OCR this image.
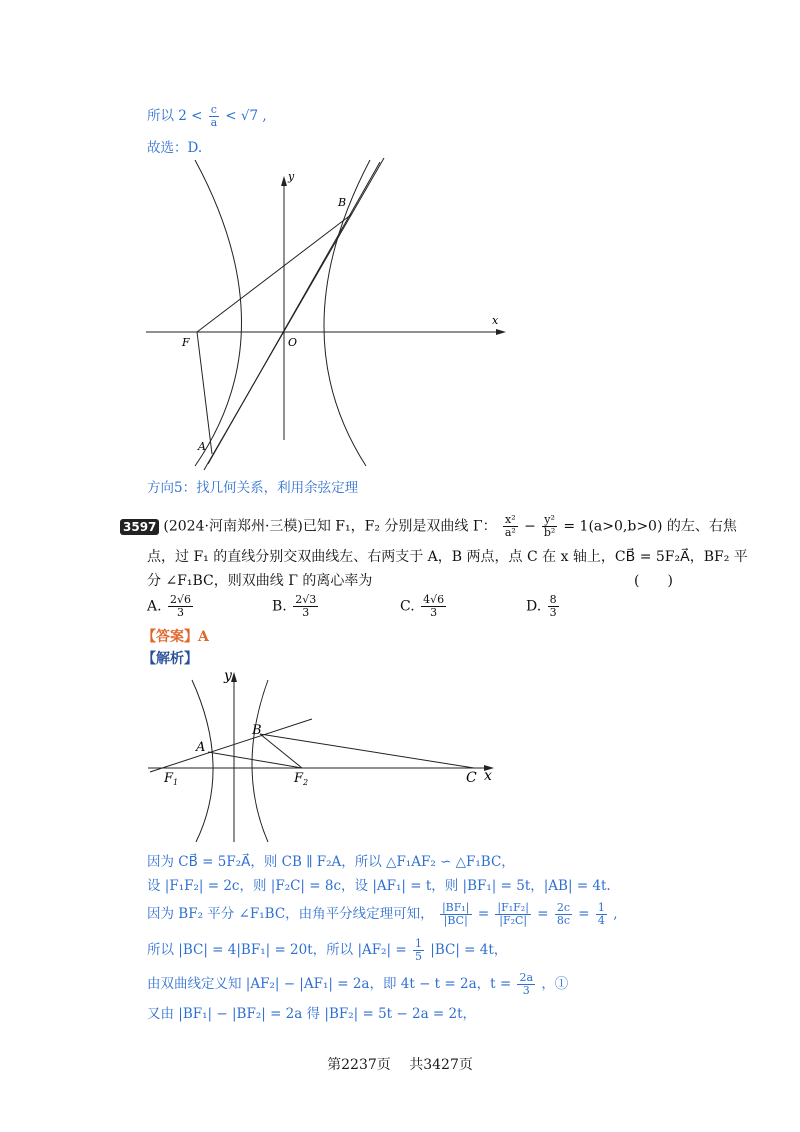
所以 $2 < \frac{c}{a} < √7$ ,
故选：D.
y
x
B
F	O
A
方向5：找几何关系，利用余弦定理
3597 (2024·河南郑州·三模)已知 F₁，F₂ 分别是双曲线 Γ： $\frac{\text{x²}}{\text{a²}} - \frac{\text{y²}}{\text{b²}} = 1(a>0,b>0)$ 的左、右焦
点，过 F₁ 的直线分别交双曲线左、右两支于 A，B 两点，点 C 在 x 轴上，CB⃗ = 5F₂A⃗，BF₂ 平
分 ∠F₁BC，则双曲线 Γ 的离心率为	(　　)
A. $\frac{2√6}{3}$	B. $\frac{2√3}{3}$	C. $\frac{4√6}{3}$	D. $\frac{8}{3}$
【答案】A
【解析】
y
B
A
$F_1$	$F_2$	C x
因为 CB⃗ = 5F₂A⃗，则 CB ∥ F₂A，所以 △F₁AF₂ ∽ △F₁BC，
设 |F₁F₂| = 2c，则 |F₂C| = 8c，设 |AF₁| = t，则 |BF₁| = 5t，|AB| = 4t.
因为 BF₂ 平分 ∠F₁BC，由角平分线定理可知， $\frac{\text{|BF₁|}}{|BC|} = \frac{\text{|F₁F₂|}}{\text{|F₂C|}} = \frac{2c}{8c} = \frac{1}{4}$ ,
所以 |BC| = 4|BF₁| = 20t，所以 $|AF_2| = \frac{1}{5} |BC| = 4t$，
由双曲线定义知 |AF₂| − |AF₁| = 2a，即 4t − t = 2a，$t = \frac{2a}{3}$ ，①
又由 |BF₁| − |BF₂| = 2a 得 |BF₂| = 5t − 2a = 2t，
第2237页　 共3427页
